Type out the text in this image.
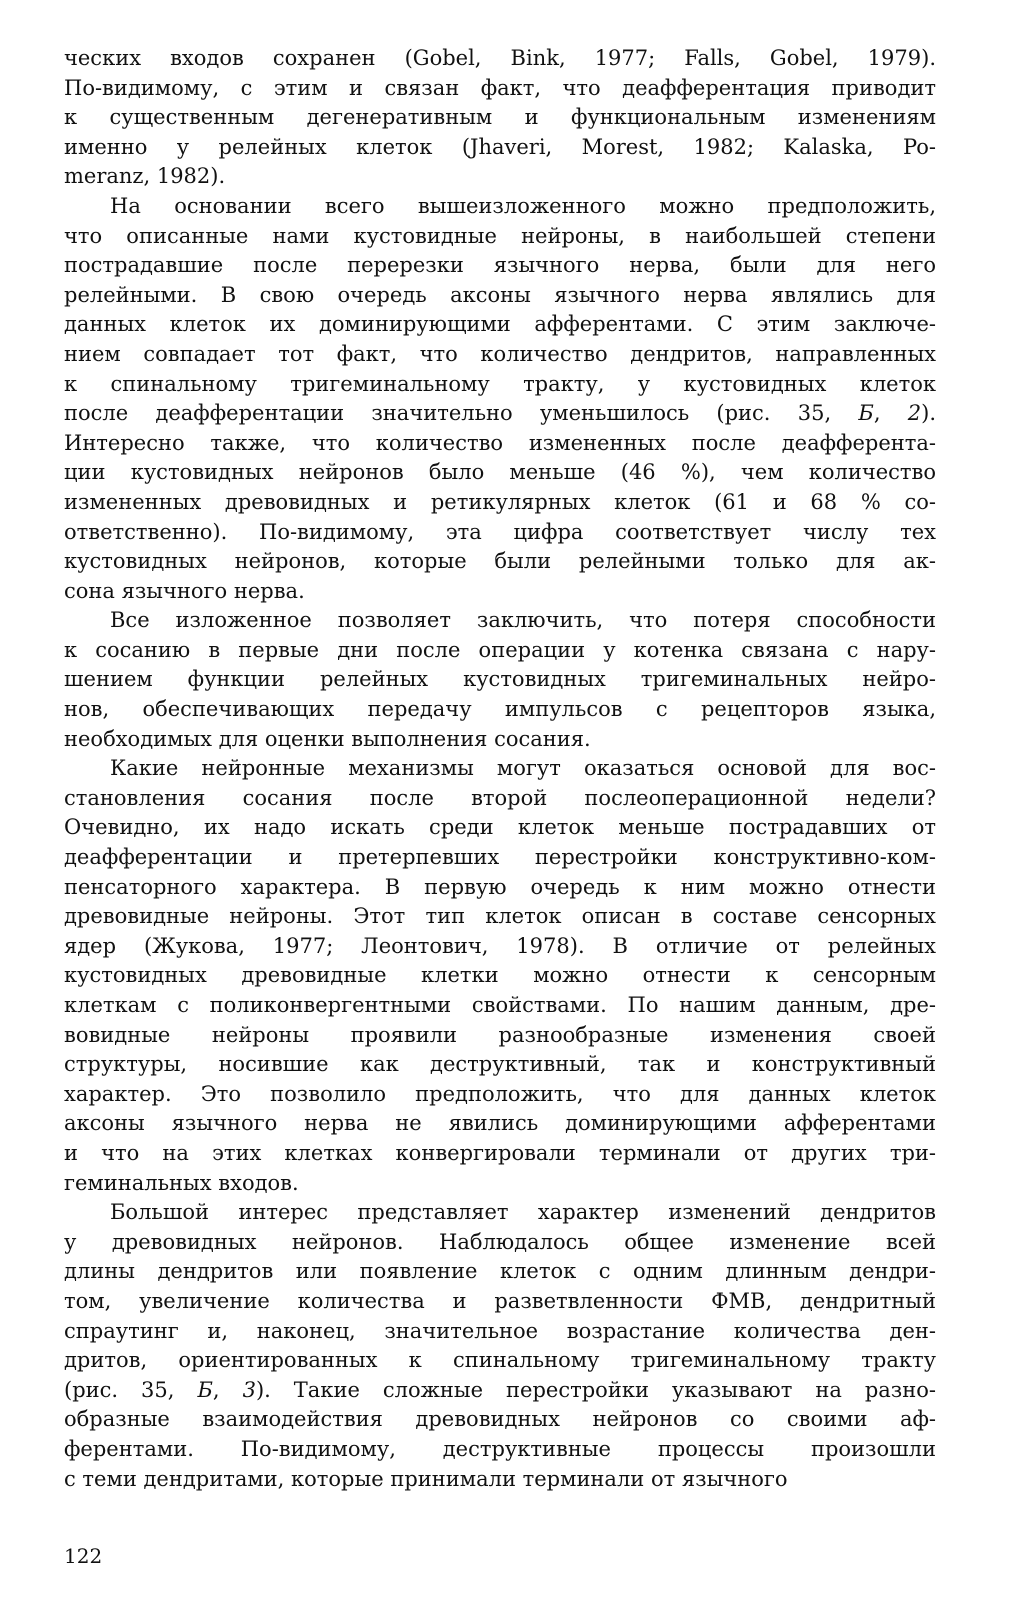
ческих входов сохранен (Gobel, Bink, 1977; Falls, Gobel, 1979).
По-видимому, с этим и связан факт, что деафферентация приводит
к существенным дегенеративным и функциональным изменениям
именно у релейных клеток (Jhaveri, Morest, 1982; Kalaska, Po-
meranz, 1982).

На основании всего вышеизложенного можно предположить,
что описанные нами кустовидные нейроны, в наибольшей степени
пострадавшие после перерезки язычного нерва, были для него
релейными. В свою очередь аксоны язычного нерва являлись для
данных клеток их доминирующими афферентами. С этим заключе-
нием совпадает тот факт, что количество дендритов, направленных
к спинальному тригеминальному тракту, у кустовидных клеток
после деафферентации значительно уменьшилось (рис. 35, Б, 2).
Интересно также, что количество измененных после деафферента-
ции кустовидных нейронов было меньше (46 %), чем количество
измененных древовидных и ретикулярных клеток (61 и 68 % со-
ответственно). По-видимому, эта цифра соответствует числу тех
кустовидных нейронов, которые были релейными только для ак-
сона язычного нерва.

Все изложенное позволяет заключить, что потеря способности
к сосанию в первые дни после операции у котенка связана с нару-
шением функции релейных кустовидных тригеминальных нейро-
нов, обеспечивающих передачу импульсов с рецепторов языка,
необходимых для оценки выполнения сосания.

Какие нейронные механизмы могут оказаться основой для вос-
становления сосания после второй послеоперационной недели?
Очевидно, их надо искать среди клеток меньше пострадавших от
деафферентации и претерпевших перестройки конструктивно-ком-
пенсаторного характера. В первую очередь к ним можно отнести
древовидные нейроны. Этот тип клеток описан в составе сенсорных
ядер (Жукова, 1977; Леонтович, 1978). В отличие от релейных
кустовидных древовидные клетки можно отнести к сенсорным
клеткам с поликонвергентными свойствами. По нашим данным, дре-
вовидные нейроны проявили разнообразные изменения своей
структуры, носившие как деструктивный, так и конструктивный
характер. Это позволило предположить, что для данных клеток
аксоны язычного нерва не явились доминирующими афферентами
и что на этих клетках конвергировали терминали от других три-
геминальных входов.

Большой интерес представляет характер изменений дендритов
у древовидных нейронов. Наблюдалось общее изменение всей
длины дендритов или появление клеток с одним длинным дендри-
том, увеличение количества и разветвленности ФМВ, дендритный
спраутинг и, наконец, значительное возрастание количества ден-
дритов, ориентированных к спинальному тригеминальному тракту
(рис. 35, Б, 3). Такие сложные перестройки указывают на разно-
образные взаимодействия древовидных нейронов со своими аф-
ферентами. По-видимому, деструктивные процессы произошли
с теми дендритами, которые принимали терминали от язычного

122
